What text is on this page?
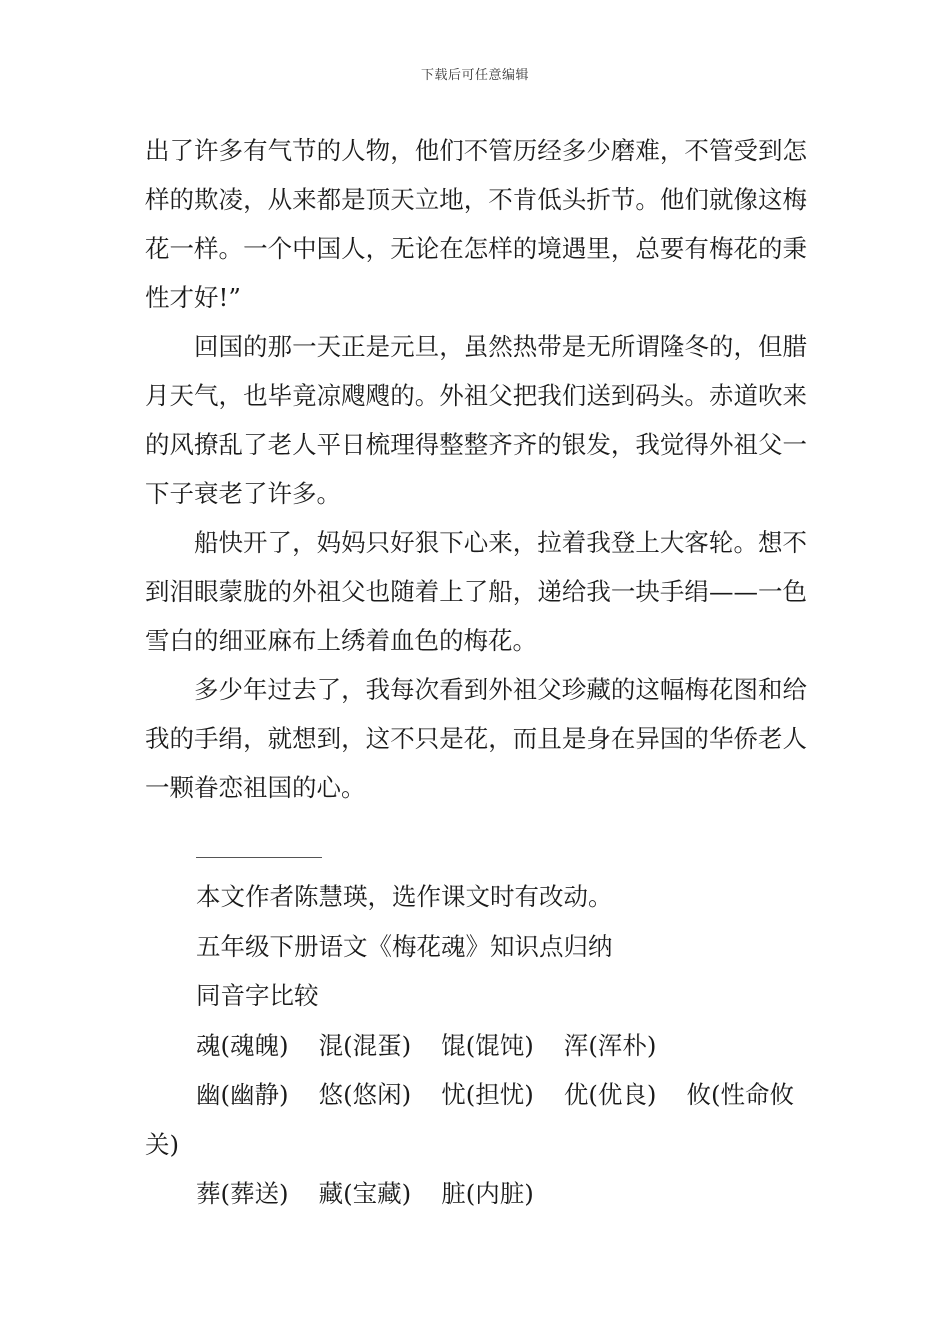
下载后可任意编辑

出了许多有气节的人物，他们不管历经多少磨难，不管受到怎样的欺凌，从来都是顶天立地，不肯低头折节。他们就像这梅花一样。一个中国人，无论在怎样的境遇里，总要有梅花的秉性才好!”

回国的那一天正是元旦，虽然热带是无所谓隆冬的，但腊月天气，也毕竟凉飕飕的。外祖父把我们送到码头。赤道吹来的风撩乱了老人平日梳理得整整齐齐的银发，我觉得外祖父一下子衰老了许多。

船快开了，妈妈只好狠下心来，拉着我登上大客轮。想不到泪眼蒙胧的外祖父也随着上了船，递给我一块手绢——一色雪白的细亚麻布上绣着血色的梅花。

多少年过去了，我每次看到外祖父珍藏的这幅梅花图和给我的手绢，就想到，这不只是花，而且是身在异国的华侨老人一颗眷恋祖国的心。

本文作者陈慧瑛，选作课文时有改动。

五年级下册语文《梅花魂》知识点归纳

同音字比较

魂(魂魄) 混(混蛋) 馄(馄饨) 浑(浑朴)

幽(幽静) 悠(悠闲) 忧(担忧) 优(优良) 攸(性命攸关)

葬(葬送) 藏(宝藏) 脏(内脏)
